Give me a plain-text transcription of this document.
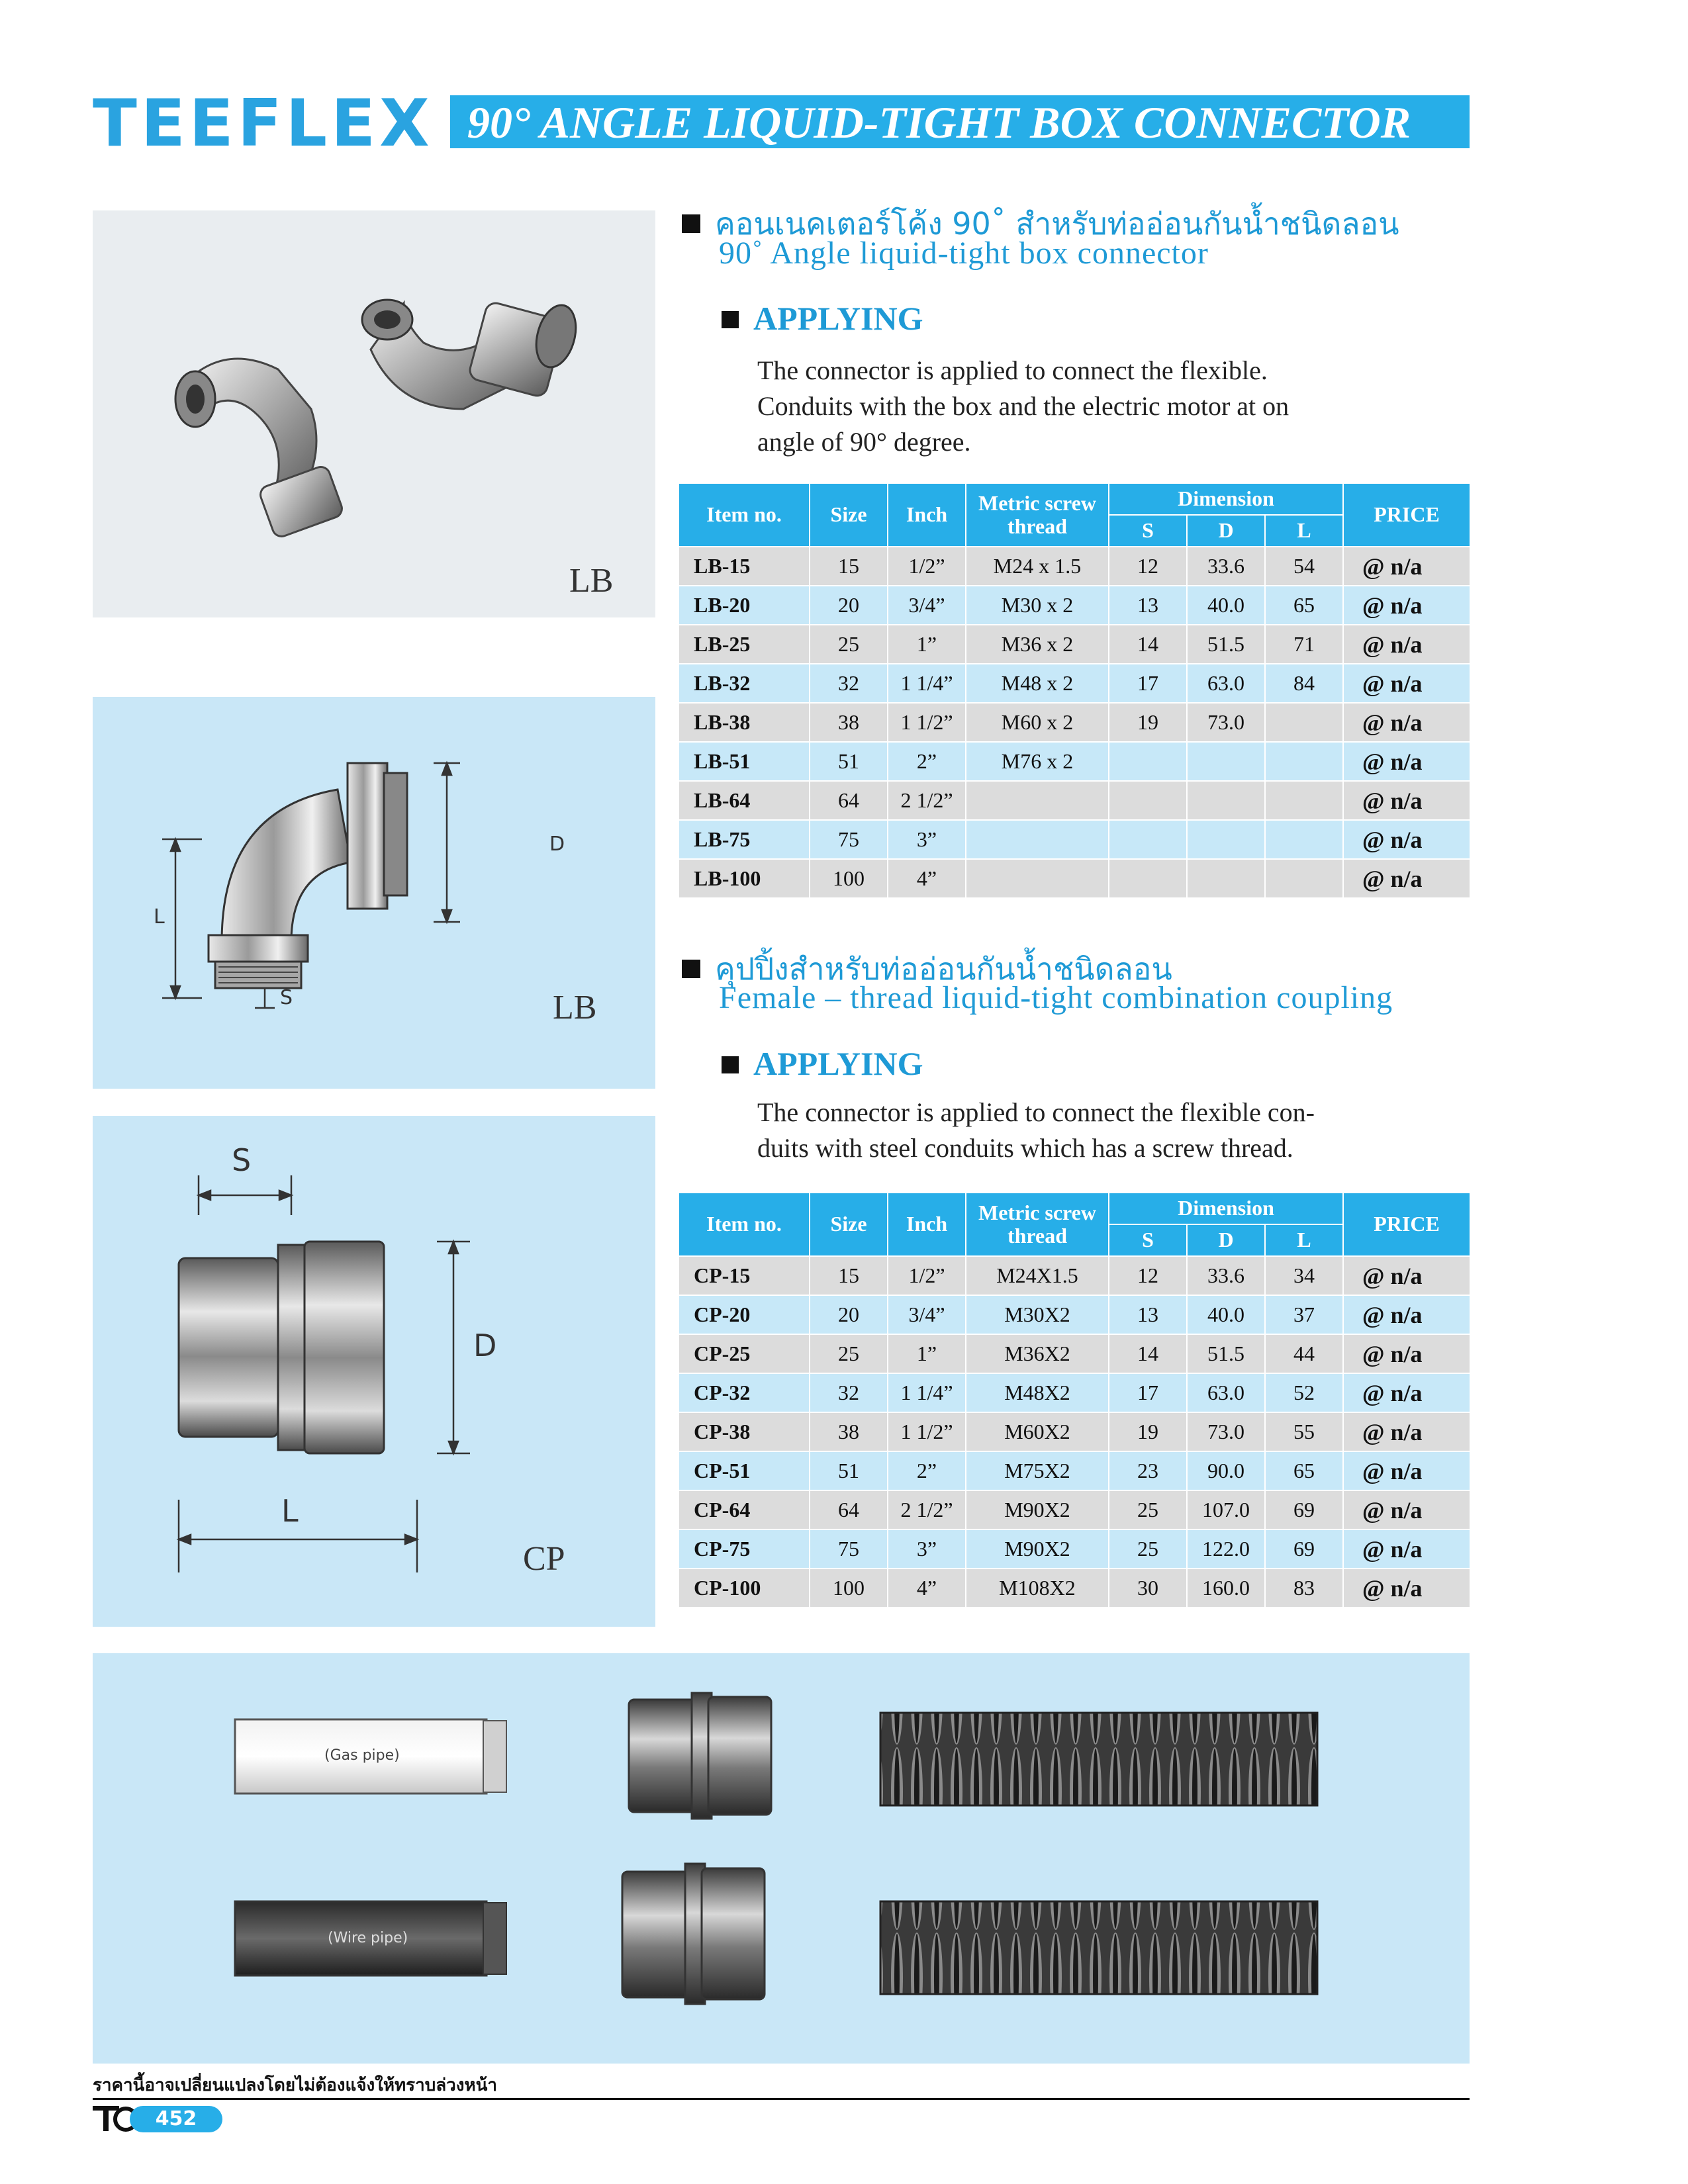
TEEFLEX 90° ANGLE LIQUID-TIGHT BOX CONNECTOR
LB
D
L
S	LB
S
D
L
CP
คอนเนคเตอร์โค้ง 90˚ สำหรับท่ออ่อนกันน้ำชนิดลอน
90˚ Angle liquid-tight box connector
APPLYING
The connector is applied to connect the flexible.
Conduits with the box and the electric motor at on
angle of 90° degree.
Item no.	Size	Inch	Metric screw
thread	Dimension			PRICE
				S	D	L	
LB-15	15	1/2”	M24 x 1.5	12	33.6	54	@ n/a
LB-20	20	3/4”	M30 x 2	13	40.0	65	@ n/a
LB-25	25	1”	M36 x 2	14	51.5	71	@ n/a
LB-32	32	1 1/4”	M48 x 2	17	63.0	84	@ n/a
LB-38	38	1 1/2”	M60 x 2	19	73.0		@ n/a
LB-51	51	2”	M76 x 2				@ n/a
LB-64	64	2 1/2”					@ n/a
LB-75	75	3”					@ n/a
LB-100	100	4”					@ n/a
คุปปิ้งสำหรับท่ออ่อนกันน้ำชนิดลอน
Female – thread liquid-tight combination coupling
APPLYING
The connector is applied to connect the flexible con-
duits with steel conduits which has a screw thread.
Item no.	Size	Inch	Metric screw
thread	Dimension			PRICE
				S	D	L	
CP-15	15	1/2”	M24X1.5	12	33.6	34	@ n/a
CP-20	20	3/4”	M30X2	13	40.0	37	@ n/a
CP-25	25	1”	M36X2	14	51.5	44	@ n/a
CP-32	32	1 1/4”	M48X2	17	63.0	52	@ n/a
CP-38	38	1 1/2”	M60X2	19	73.0	55	@ n/a
CP-51	51	2”	M75X2	23	90.0	65	@ n/a
CP-64	64	2 1/2”	M90X2	25	107.0	69	@ n/a
CP-75	75	3”	M90X2	25	122.0	69	@ n/a
CP-100	100	4”	M108X2	30	160.0	83	@ n/a
(Gas pipe)
(Wire pipe)
ราคานี้อาจเปลี่ยนแปลงโดยไม่ต้องแจ้งให้ทราบล่วงหน้า
452
